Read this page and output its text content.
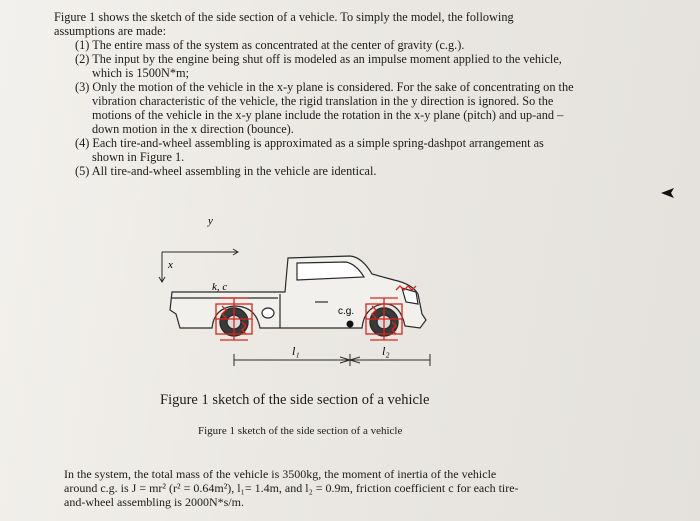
Figure 1 shows the sketch of the side section of a vehicle. To simply the model, the following

assumptions are made:

(1) The entire mass of the system as concentrated at the center of gravity (c.g.).
(2) The input by the engine being shut off is modeled as an impulse moment applied to the vehicle, which is 1500N*m;
(3) Only the motion of the vehicle in the x-y plane is considered. For the sake of concentrating on the vibration characteristic of the vehicle, the rigid translation in the y direction is ignored. So the motions of the vehicle in the x-y plane include the rotation in the x-y plane (pitch) and up-and – down motion in the x direction (bounce).
(4) Each tire-and-wheel assembling is approximated as a simple spring-dashpot arrangement as shown in Figure 1.
(5) All tire-and-wheel assembling in the vehicle are identical.
y
x
k, c
c.g.
l₁	l₂
Figure 1 sketch of the side section of a vehicle
Figure 1 sketch of the side section of a vehicle

In the system, the total mass of the vehicle is 3500kg, the moment of inertia of the vehicle

around c.g. is J = mr² (r² = 0.64m²), l₁= 1.4m, and l₂ = 0.9m, friction coefficient c for each tire-

and-wheel assembling is 2000N*s/m.
